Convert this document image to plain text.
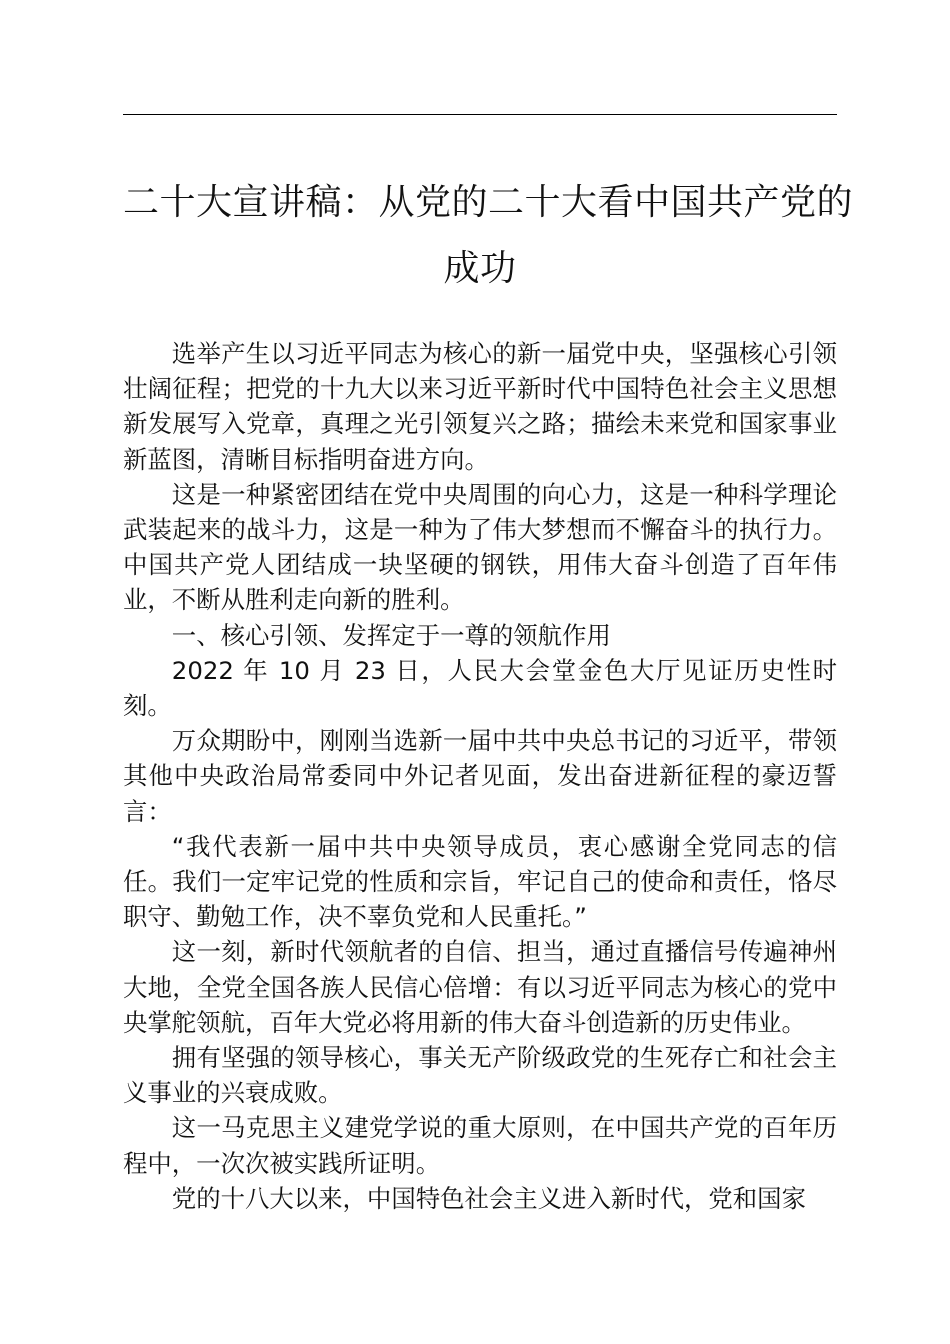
二十大宣讲稿：从党的二十大看中国共产党的
成功

选举产生以习近平同志为核心的新一届党中央，坚强核心引领壮阔征程；把党的十九大以来习近平新时代中国特色社会主义思想新发展写入党章，真理之光引领复兴之路；描绘未来党和国家事业新蓝图，清晰目标指明奋进方向。

这是一种紧密团结在党中央周围的向心力，这是一种科学理论武装起来的战斗力，这是一种为了伟大梦想而不懈奋斗的执行力。中国共产党人团结成一块坚硬的钢铁，用伟大奋斗创造了百年伟业，不断从胜利走向新的胜利。

一、核心引领、发挥定于一尊的领航作用

2022 年 10 月 23 日，人民大会堂金色大厅见证历史性时刻。

万众期盼中，刚刚当选新一届中共中央总书记的习近平，带领其他中央政治局常委同中外记者见面，发出奋进新征程的豪迈誓言：

“我代表新一届中共中央领导成员，衷心感谢全党同志的信任。我们一定牢记党的性质和宗旨，牢记自己的使命和责任，恪尽职守、勤勉工作，决不辜负党和人民重托。”

这一刻，新时代领航者的自信、担当，通过直播信号传遍神州大地，全党全国各族人民信心倍增：有以习近平同志为核心的党中央掌舵领航，百年大党必将用新的伟大奋斗创造新的历史伟业。

拥有坚强的领导核心，事关无产阶级政党的生死存亡和社会主义事业的兴衰成败。

这一马克思主义建党学说的重大原则，在中国共产党的百年历程中，一次次被实践所证明。

党的十八大以来，中国特色社会主义进入新时代，党和国家
